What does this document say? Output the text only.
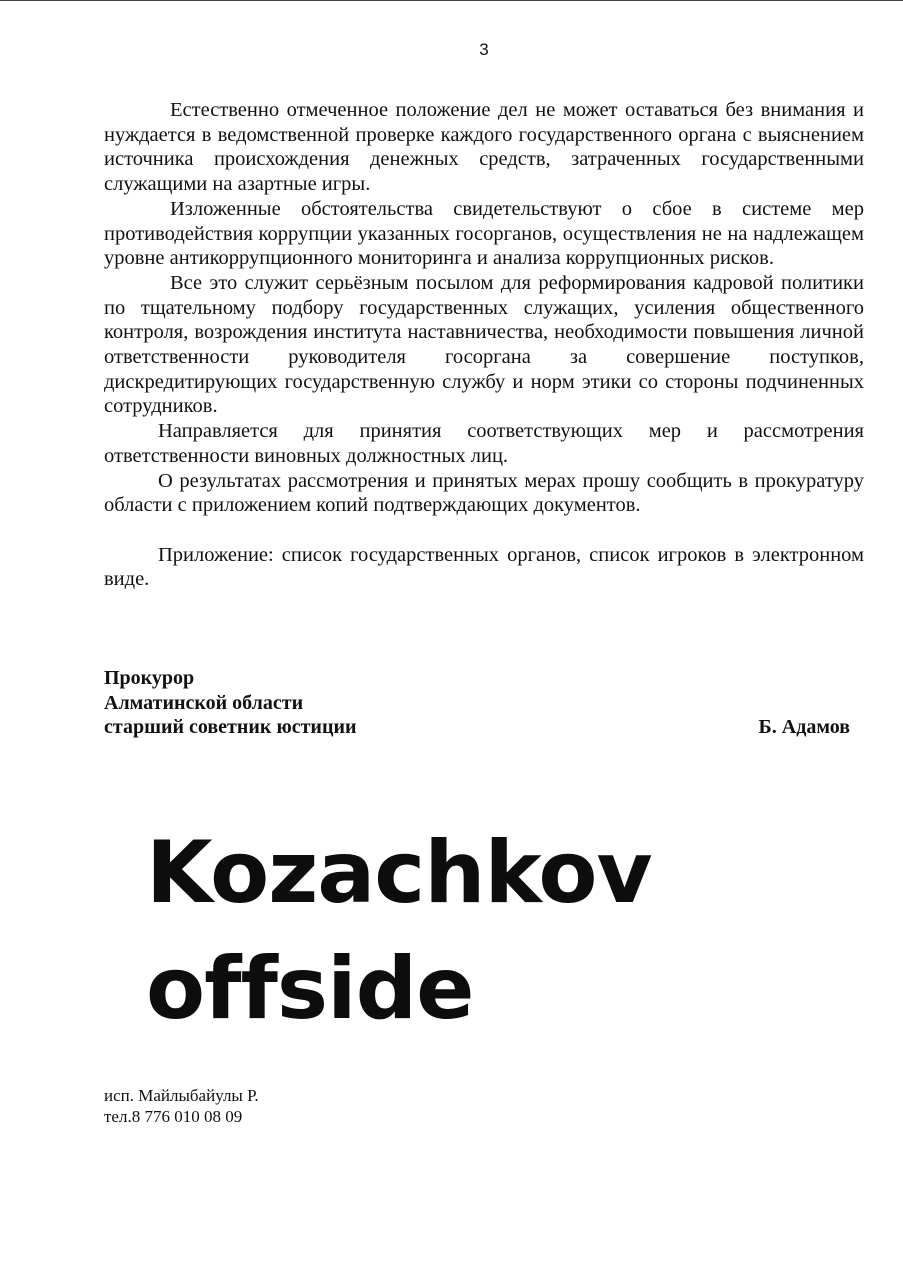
3

Естественно отмеченное положение дел не может оставаться без внимания и нуждается в ведомственной проверке каждого государственного органа с выяснением источника происхождения денежных средств, затраченных государственными служащими на азартные игры.

Изложенные обстоятельства свидетельствуют о сбое в системе мер противодействия коррупции указанных госорганов, осуществления не на надлежащем уровне антикоррупционного мониторинга и анализа коррупционных рисков.

Все это служит серьёзным посылом для реформирования кадровой политики по тщательному подбору государственных служащих, усиления общественного контроля, возрождения института наставничества, необходимости повышения личной ответственности руководителя госоргана за совершение поступков, дискредитирующих государственную службу и норм этики со стороны подчиненных сотрудников.

Направляется для принятия соответствующих мер и рассмотрения ответственности виновных должностных лиц.

О результатах рассмотрения и принятых мерах прошу сообщить в прокуратуру области с приложением копий подтверждающих документов.

Приложение: список государственных органов, список игроков в электронном виде.

Прокурор
Алматинской области
старший советник юстиции	Б. Адамов
Kozachkov
offside
исп. Майлыбайулы Р.
тел.8 776 010 08 09
